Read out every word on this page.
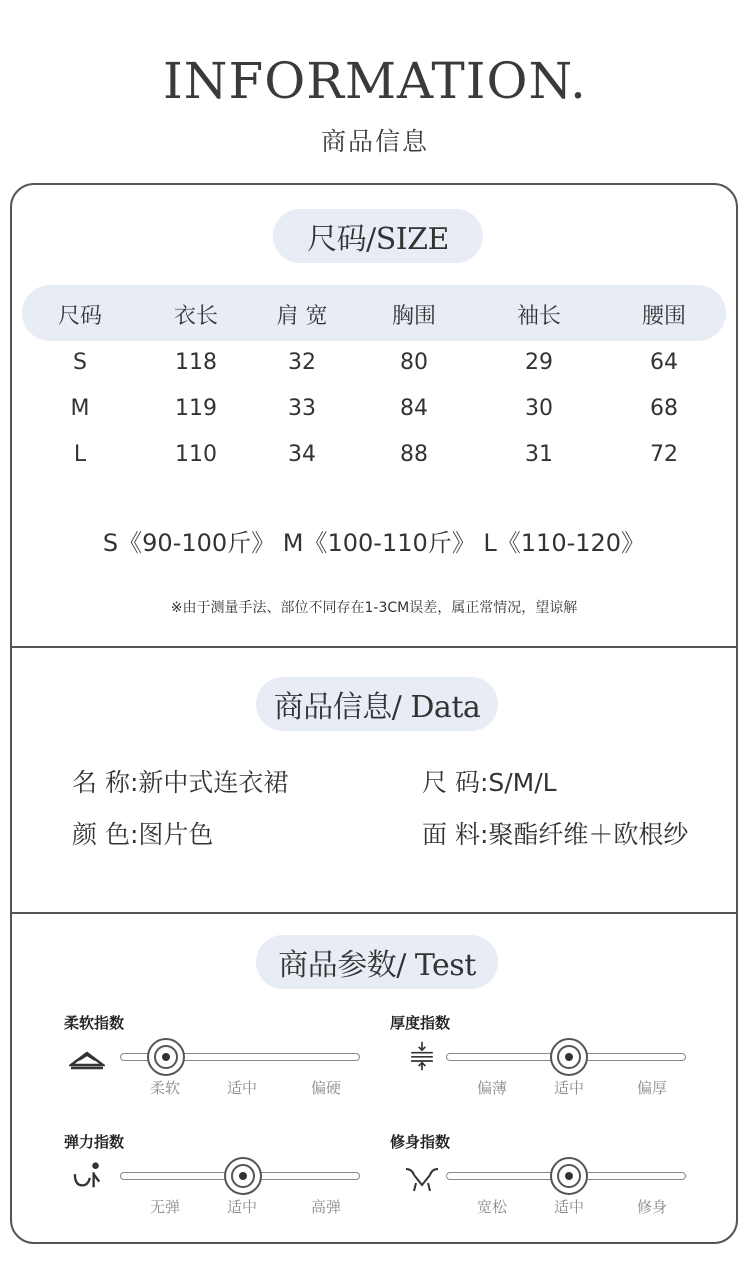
INFORMATION.
商品信息
尺码/SIZE
尺码	衣长	肩 宽	胸围	袖长	腰围
S	118	32	80	29	64
M	119	33	84	30	68
L	110	34	88	31	72
S《90-100斤》 M《100-110斤》 L《110-120》
※由于测量手法、部位不同存在1-3CM误差，属正常情况，望谅解
商品信息/ Data
名 称:新中式连衣裙	尺 码:S/M/L
颜 色:图片色	面 料:聚酯纤维＋欧根纱
商品参数/ Test
柔软指数
柔软	适中	偏硬
厚度指数
偏薄	适中	偏厚
弹力指数
无弹	适中	高弹
修身指数
宽松	适中	修身
